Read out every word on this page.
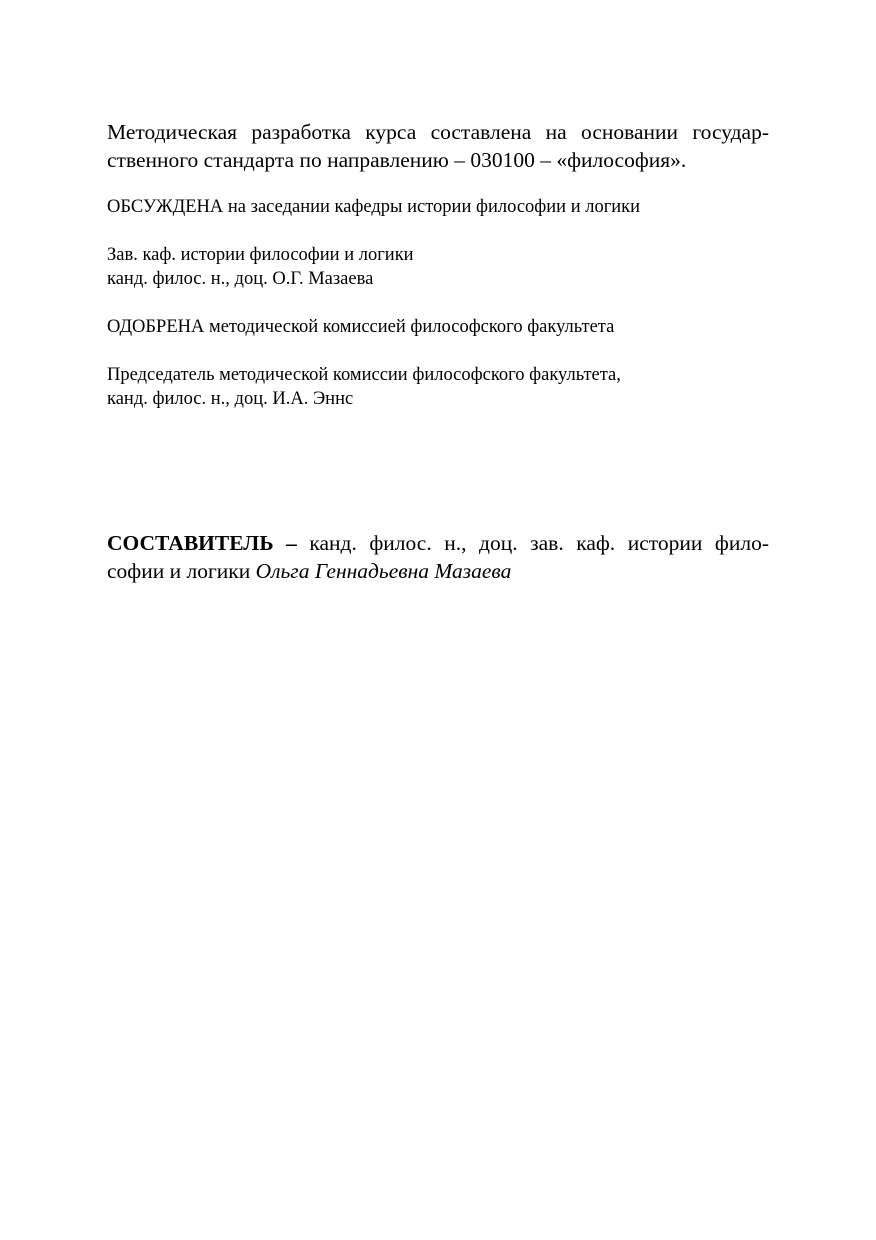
Методическая разработка курса составлена на основании государ-
ственного стандарта по направлению – 030100 – «философия».
ОБСУЖДЕНА на заседании кафедры истории философии и логики
Зав. каф. истории философии и логики
канд. филос. н., доц. О.Г. Мазаева
ОДОБРЕНА методической комиссией философского факультета
Председатель методической комиссии философского факультета,
канд. филос. н., доц. И.А. Эннс
СОСТАВИТЕЛЬ – канд. филос. н., доц. зав. каф. истории фило-
софии и логики Ольга Геннадьевна Мазаева
